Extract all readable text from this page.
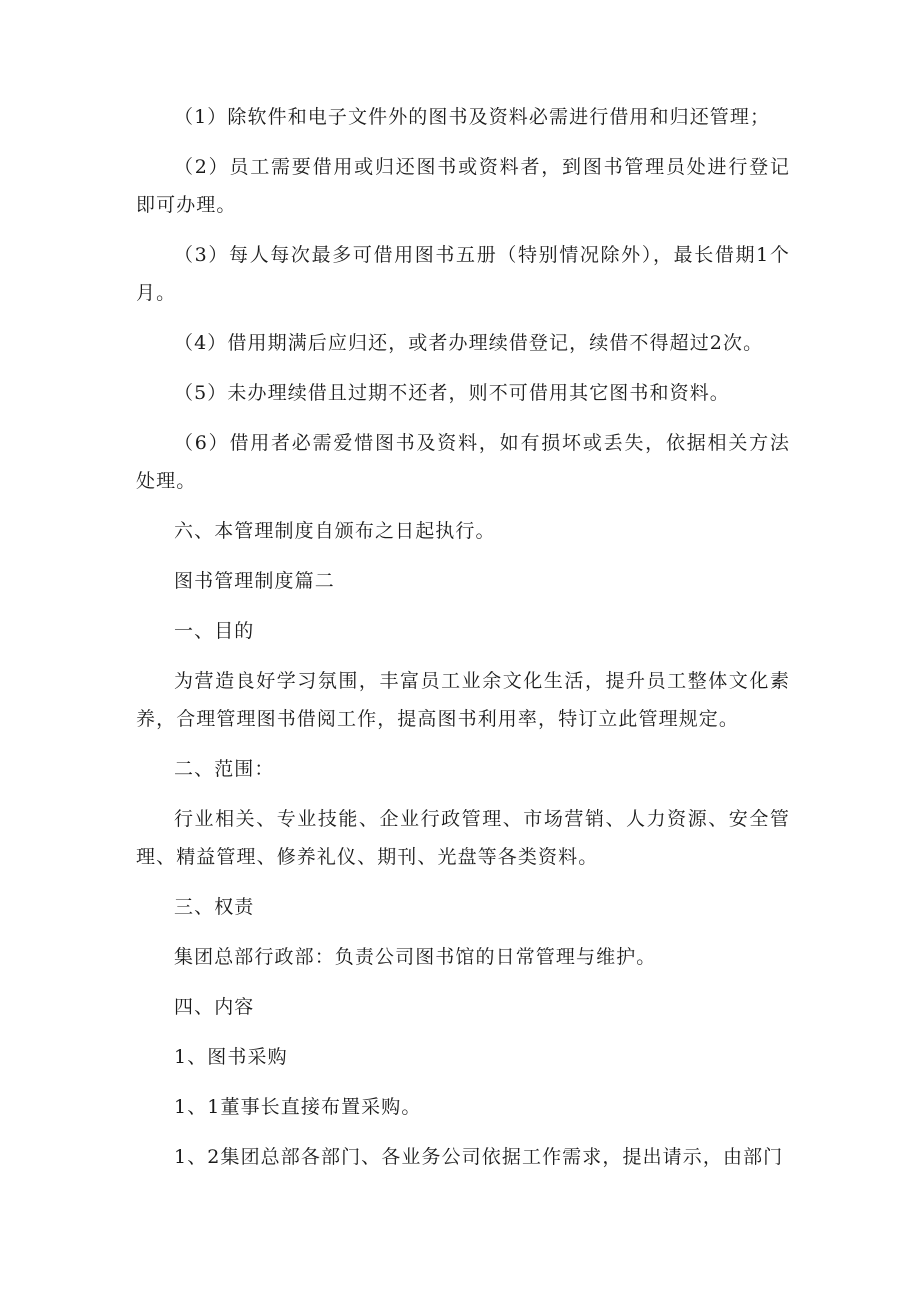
（1）除软件和电子文件外的图书及资料必需进行借用和归还管理；

（2）员工需要借用或归还图书或资料者，到图书管理员处进行登记即可办理。

（3）每人每次最多可借用图书五册（特别情况除外），最长借期1个月。

（4）借用期满后应归还，或者办理续借登记，续借不得超过2次。

（5）未办理续借且过期不还者，则不可借用其它图书和资料。

（6）借用者必需爱惜图书及资料，如有损坏或丢失，依据相关方法处理。

六、本管理制度自颁布之日起执行。

图书管理制度篇二

一、目的

为营造良好学习氛围，丰富员工业余文化生活，提升员工整体文化素养，合理管理图书借阅工作，提高图书利用率，特订立此管理规定。

二、范围：

行业相关、专业技能、企业行政管理、市场营销、人力资源、安全管理、精益管理、修养礼仪、期刊、光盘等各类资料。

三、权责

集团总部行政部：负责公司图书馆的日常管理与维护。

四、内容

1、图书采购

1、1董事长直接布置采购。

1、2集团总部各部门、各业务公司依据工作需求，提出请示，由部门
